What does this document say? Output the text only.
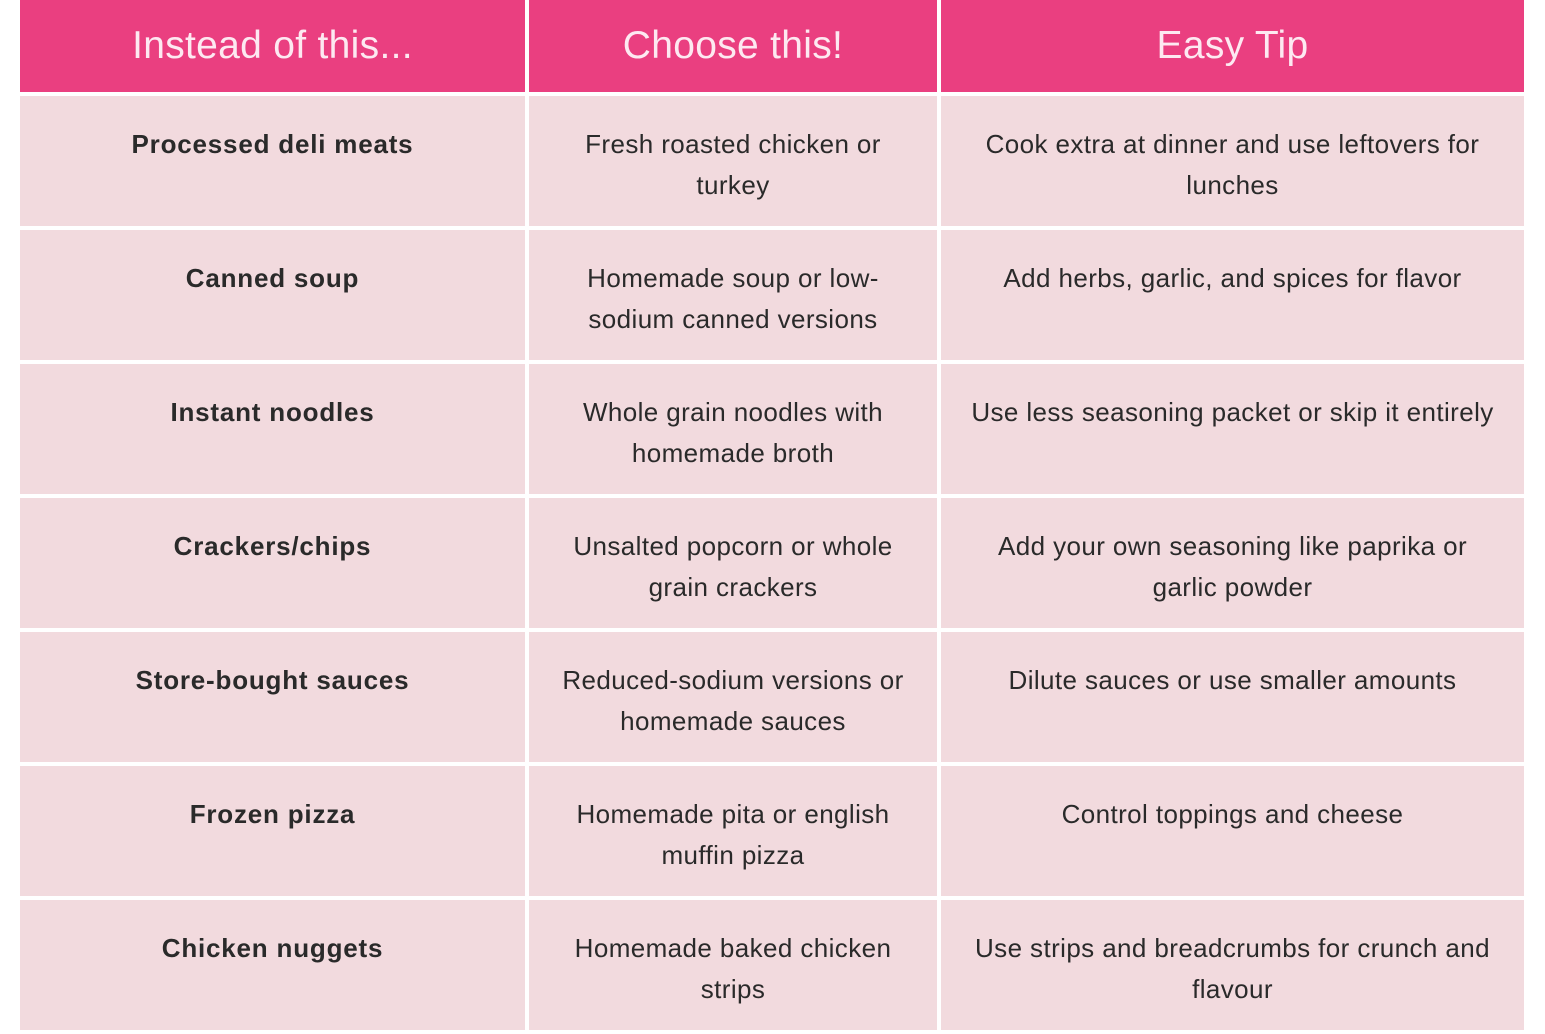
Instead of this...	Choose this!	Easy Tip
Processed deli meats	Fresh roasted chicken or turkey	Cook extra at dinner and use leftovers for lunches
Canned soup	Homemade soup or low-sodium canned versions	Add herbs, garlic, and spices for flavor
Instant noodles	Whole grain noodles with homemade broth	Use less seasoning packet or skip it entirely
Crackers/chips	Unsalted popcorn or whole grain crackers	Add your own seasoning like paprika or garlic powder
Store-bought sauces	Reduced-sodium versions or homemade sauces	Dilute sauces or use smaller amounts
Frozen pizza	Homemade pita or english muffin pizza	Control toppings and cheese
Chicken nuggets	Homemade baked chicken strips	Use strips and breadcrumbs for crunch and flavour
